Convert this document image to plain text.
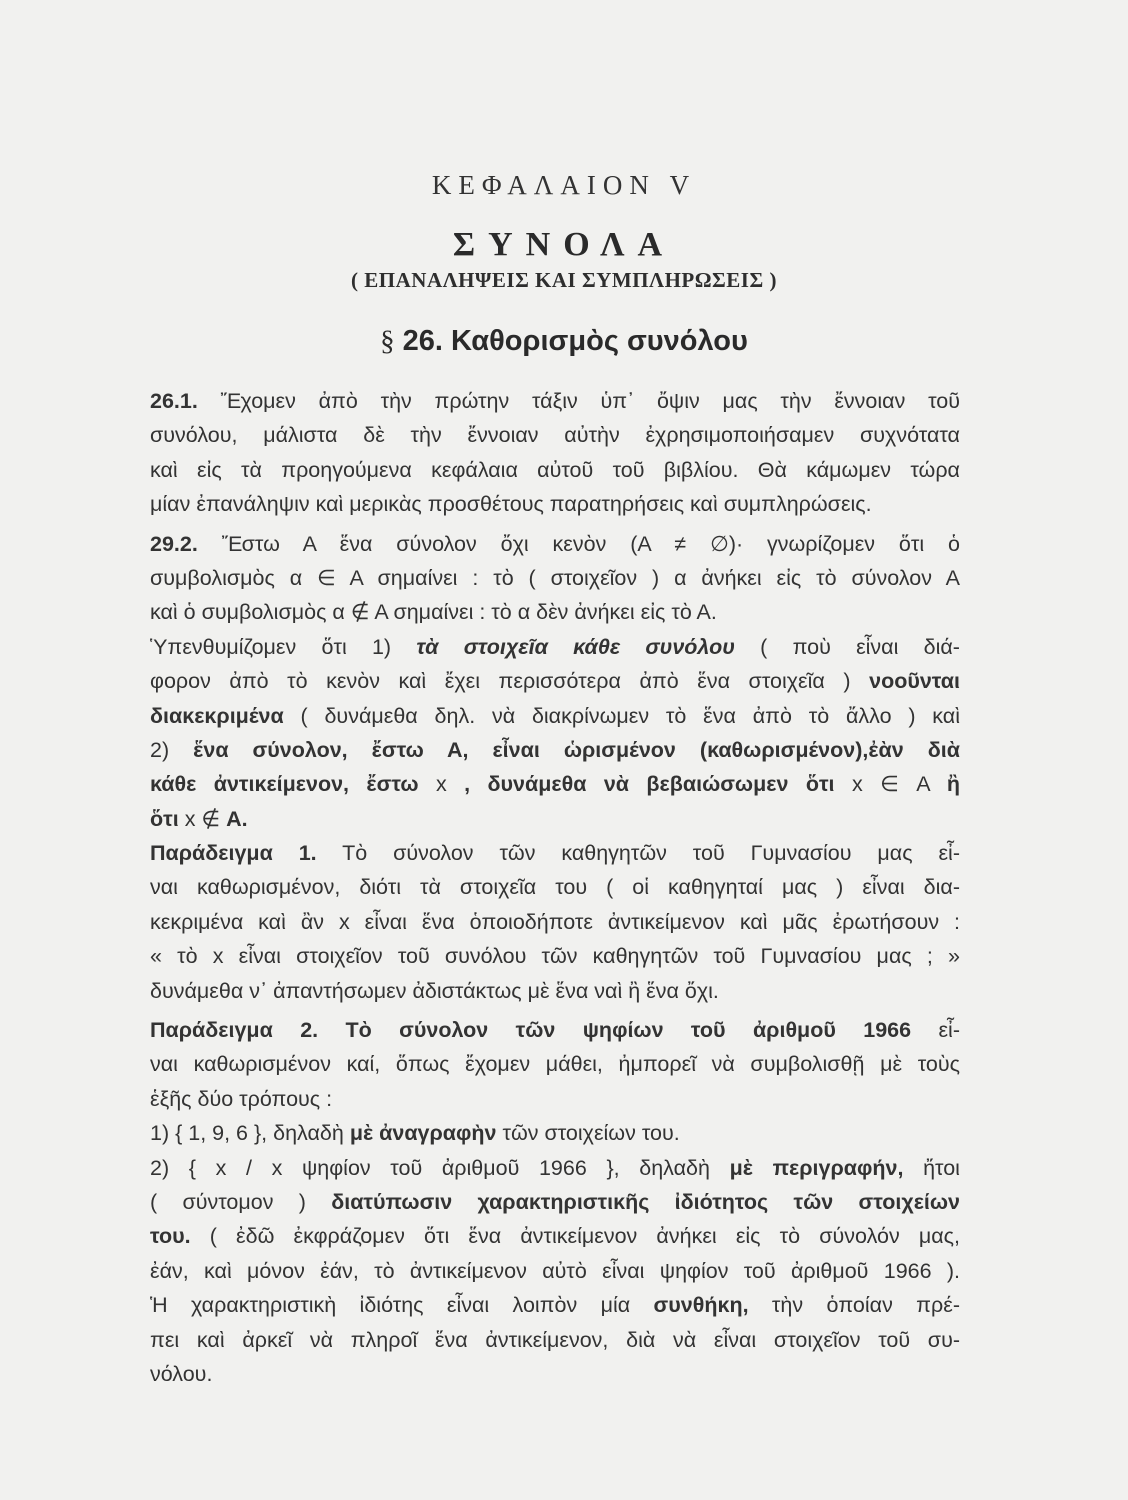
ΚΕΦΑΛΑΙΟΝ V
ΣΥΝΟΛΑ
( ΕΠΑΝΑΛΗΨΕΙΣ ΚΑΙ ΣΥΜΠΛΗΡΩΣΕΙΣ )
§ 26. Καθορισμὸς συνόλου
26.1. Ἔχομεν ἀπὸ τὴν πρώτην τάξιν ὑπ᾿ ὄψιν μας τὴν ἔννοιαν τοῦ
συνόλου, μάλιστα δὲ τὴν ἔννοιαν αὐτὴν ἐχρησιμοποιήσαμεν συχνότατα
καὶ εἰς τὰ προηγούμενα κεφάλαια αὐτοῦ τοῦ βιβλίου. Θὰ κάμωμεν τώρα
μίαν ἐπανάληψιν καὶ μερικὰς προσθέτους παρατηρήσεις καὶ συμπληρώσεις.
29.2. Ἔστω Α ἕνα σύνολον ὄχι κενὸν (Α ≠ ∅)· γνωρίζομεν ὅτι ὁ
συμβολισμὸς α ∈ Α σημαίνει : τὸ ( στοιχεῖον ) α ἀνήκει εἰς τὸ σύνολον Α
καὶ ὁ συμβολισμὸς α ∉ Α σημαίνει : τὸ α δὲν ἀνήκει εἰς τὸ Α.
Ὑπενθυμίζομεν ὅτι 1) τὰ στοιχεῖα κάθε συνόλου ( ποὺ εἶναι διά-
φορον ἀπὸ τὸ κενὸν καὶ ἔχει περισσότερα ἀπὸ ἕνα στοιχεῖα ) νοοῦνται
διακεκριμένα ( δυνάμεθα δηλ. νὰ διακρίνωμεν τὸ ἕνα ἀπὸ τὸ ἄλλο ) καὶ
2) ἕνα σύνολον, ἔστω Α, εἶναι ὡρισμένον (καθωρισμένον),ἐὰν διὰ
κάθε ἀντικείμενον, ἔστω x , δυνάμεθα νὰ βεβαιώσωμεν ὅτι x ∈ Α ἢ
ὅτι x ∉ Α.
Παράδειγμα 1. Τὸ σύνολον τῶν καθηγητῶν τοῦ Γυμνασίου μας εἶ-
ναι καθωρισμένον, διότι τὰ στοιχεῖα του ( οἱ καθηγηταί μας ) εἶναι δια-
κεκριμένα καὶ ἂν x εἶναι ἕνα ὁποιοδήποτε ἀντικείμενον καὶ μᾶς ἐρωτήσουν :
« τὸ x εἶναι στοιχεῖον τοῦ συνόλου τῶν καθηγητῶν τοῦ Γυμνασίου μας ; »
δυνάμεθα ν᾿ ἀπαντήσωμεν ἀδιστάκτως μὲ ἕνα ναὶ ἢ ἕνα ὄχι.
Παράδειγμα 2. Τὸ σύνολον τῶν ψηφίων τοῦ ἀριθμοῦ 1966 εἶ-
ναι καθωρισμένον καί, ὅπως ἔχομεν μάθει, ἠμπορεῖ νὰ συμβολισθῇ μὲ τοὺς
ἑξῆς δύο τρόπους :
1) { 1, 9, 6 }, δηλαδὴ μὲ ἀναγραφὴν τῶν στοιχείων του.
2) { x / x ψηφίον τοῦ ἀριθμοῦ 1966 }, δηλαδὴ μὲ περιγραφήν, ἤτοι
( σύντομον ) διατύπωσιν χαρακτηριστικῆς ἰδιότητος τῶν στοιχείων
του. ( ἐδῶ ἐκφράζομεν ὅτι ἕνα ἀντικείμενον ἀνήκει εἰς τὸ σύνολόν μας,
ἐάν, καὶ μόνον ἐάν, τὸ ἀντικείμενον αὐτὸ εἶναι ψηφίον τοῦ ἀριθμοῦ 1966 ).
Ἡ χαρακτηριστικὴ ἰδιότης εἶναι λοιπὸν μία συνθήκη, τὴν ὁποίαν πρέ-
πει καὶ ἀρκεῖ νὰ πληροῖ ἕνα ἀντικείμενον, διὰ νὰ εἶναι στοιχεῖον τοῦ συ-
νόλου.
